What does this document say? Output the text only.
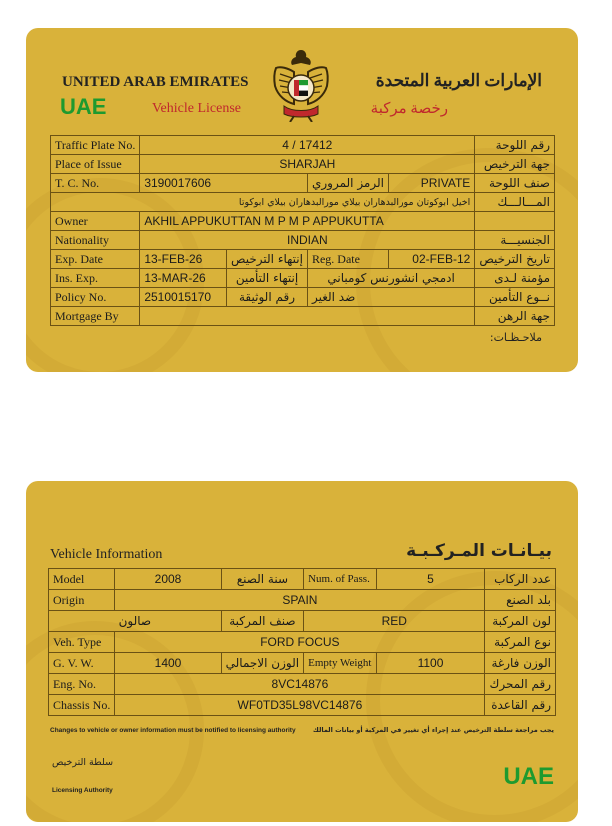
UNITED ARAB EMIRATES	الإمارات العربية المتحدة
UAE	Vehicle License	رخصة مركبة
Traffic Plate No.	4 / 17412				رقم اللوحة
Place of Issue	SHARJAH				جهة الترخيص
T. C. No.	3190017606		الرمز المروري	PRIVATE	صنف اللوحة
اخيل ابوكوتان مورالبدهاران بيلاي مورالبدهاران بيلاي ابوكوتا					المـــالـــك
Owner	AKHIL APPUKUTTAN M P M P APPUKUTTA				
Nationality	INDIAN				الجنسيـــة
Exp. Date	13-FEB-26	إنتهاء الترخيص	Reg. Date	02-FEB-12	تاريخ الترخيص
Ins. Exp.	13-MAR-26	إنتهاء التأمين	ادمجي انشورنس كومباني		مؤمنة لـدى
Policy No.	2510015170	رقم الوثيقة	ضد الغير		نــوع التأمين
Mortgage By					جهة الرهن
ملاحـظـات:
Vehicle Information	بيـانـات المـركـبـة
Model	2008	سنة الصنع	Num. of Pass.	5	عدد الركاب
Origin	SPAIN				بلد الصنع
صالون		صنف المركبة	RED		لون المركبة
Veh. Type	FORD FOCUS				نوع المركبة
G. V. W.	1400	الوزن الاجمالي	Empty Weight	1100	الوزن فارغة
Eng. No.	8VC14876				رقم المحرك
Chassis No.	WF0TD35L98VC14876				رقم القاعدة
Changes to vehicle or owner information must be notified to licensing authority	يجب مراجعة سلطة الترخيص عند إجراء أي تغيير في المركبة أو بيانات المالك
سلطة الترخيص
Licensing Authority
UAE
